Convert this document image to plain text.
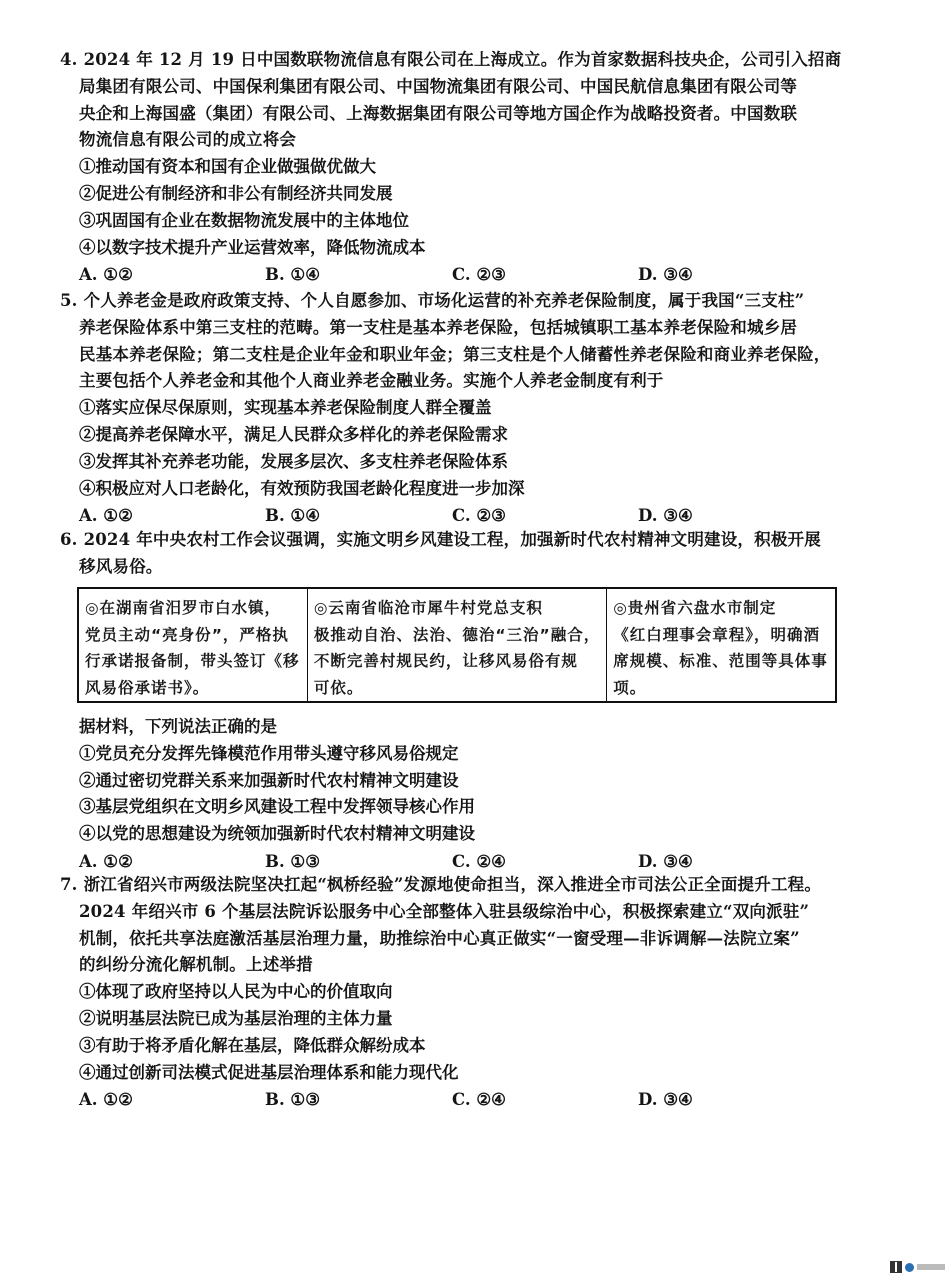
4. 2024 年 12 月 19 日中国数联物流信息有限公司在上海成立。作为首家数据科技央企，公司引入招商
局集团有限公司、中国保利集团有限公司、中国物流集团有限公司、中国民航信息集团有限公司等
央企和上海国盛（集团）有限公司、上海数据集团有限公司等地方国企作为战略投资者。中国数联
物流信息有限公司的成立将会
①推动国有资本和国有企业做强做优做大
②促进公有制经济和非公有制经济共同发展
③巩固国有企业在数据物流发展中的主体地位
④以数字技术提升产业运营效率，降低物流成本
A. ①②	B. ①④	C. ②③	D. ③④
5. 个人养老金是政府政策支持、个人自愿参加、市场化运营的补充养老保险制度，属于我国“三支柱”
养老保险体系中第三支柱的范畴。第一支柱是基本养老保险，包括城镇职工基本养老保险和城乡居
民基本养老保险；第二支柱是企业年金和职业年金；第三支柱是个人储蓄性养老保险和商业养老保险，
主要包括个人养老金和其他个人商业养老金融业务。实施个人养老金制度有利于
①落实应保尽保原则，实现基本养老保险制度人群全覆盖
②提高养老保障水平，满足人民群众多样化的养老保险需求
③发挥其补充养老功能，发展多层次、多支柱养老保险体系
④积极应对人口老龄化，有效预防我国老龄化程度进一步加深
A. ①②	B. ①④	C. ②③	D. ③④
6. 2024 年中央农村工作会议强调，实施文明乡风建设工程，加强新时代农村精神文明建设，积极开展
移风易俗。
◎在湖南省汨罗市白水镇，
党员主动“亮身份”，严格执
行承诺报备制，带头签订《移
风易俗承诺书》。
◎云南省临沧市犀牛村党总支积
极推动自治、法治、德治“三治”融合，
不断完善村规民约，让移风易俗有规
可依。
◎贵州省六盘水市制定
《红白理事会章程》，明确酒
席规模、标准、范围等具体事
项。
据材料，下列说法正确的是
①党员充分发挥先锋模范作用带头遵守移风易俗规定
②通过密切党群关系来加强新时代农村精神文明建设
③基层党组织在文明乡风建设工程中发挥领导核心作用
④以党的思想建设为统领加强新时代农村精神文明建设
A. ①②	B. ①③	C. ②④	D. ③④
7. 浙江省绍兴市两级法院坚决扛起“枫桥经验”发源地使命担当，深入推进全市司法公正全面提升工程。
2024 年绍兴市 6 个基层法院诉讼服务中心全部整体入驻县级综治中心，积极探索建立“双向派驻”
机制，依托共享法庭激活基层治理力量，助推综治中心真正做实“一窗受理—非诉调解—法院立案”
的纠纷分流化解机制。上述举措
①体现了政府坚持以人民为中心的价值取向
②说明基层法院已成为基层治理的主体力量
③有助于将矛盾化解在基层，降低群众解纷成本
④通过创新司法模式促进基层治理体系和能力现代化
A. ①②	B. ①③	C. ②④	D. ③④
